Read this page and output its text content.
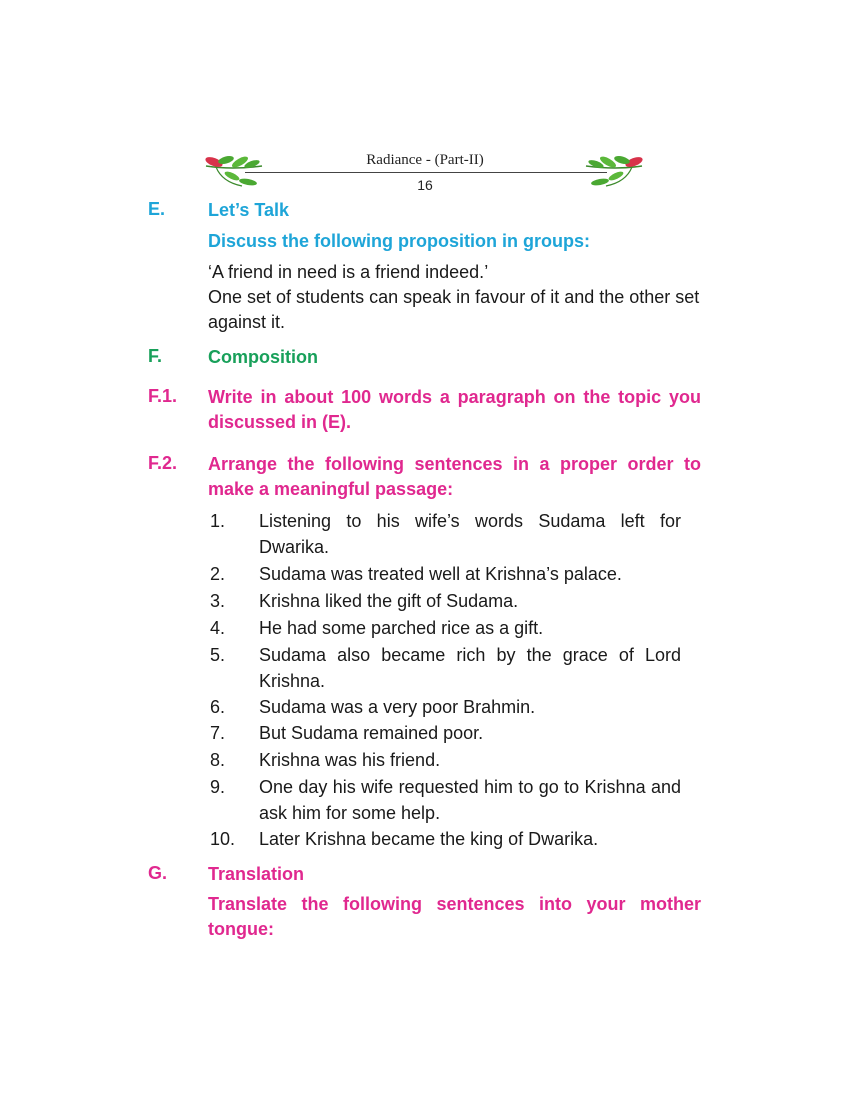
Radiance - (Part-II)
16
E. Let’s Talk
Discuss the following proposition in groups:
‘A friend in need is a friend indeed.’
One set of students can speak in favour of it and the other set against it.
F.	Composition
F.1. Write in about 100 words a paragraph on the topic you discussed in (E).
F.2. Arrange the following sentences in a proper order to make a meaningful passage:
1. Listening to his wife’s words Sudama left for Dwarika.
2. Sudama was treated well at Krishna’s palace.
3. Krishna liked the gift of Sudama.
4. He had some parched rice as a gift.
5. Sudama also became rich by the grace of Lord Krishna.
6. Sudama was a very poor Brahmin.
7. But Sudama remained poor.
8. Krishna was his friend.
9. One day his wife requested him to go to Krishna and ask him for some help.
10. Later Krishna became the king of Dwarika.
G. Translation
Translate the following sentences into your mother tongue:
